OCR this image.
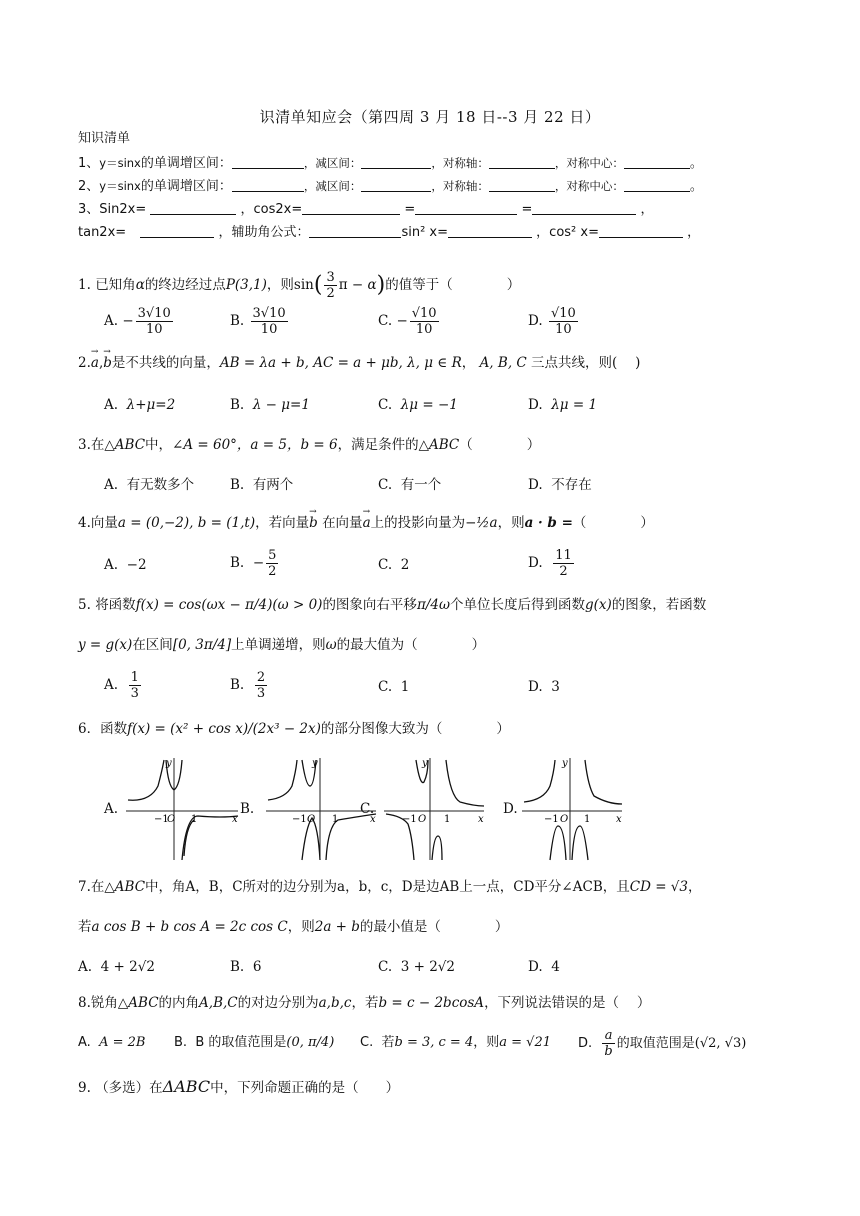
识清单知应会（第四周 3 月 18 日--3 月 22 日）
知识清单
1、y＝sinx的单调增区间：	，减区间：	，对称轴：	，对称中心：	。
2、y＝sinx的单调增区间：	，减区间：	，对称轴：	，对称中心：	。
3、Sin2x=	，cos2x=	=	=	，
tan2x=	，辅助角公式：	sin² x=	，cos² x=	，
1. 已知角α的终边经过点P(3,1)，则$\sin( \frac{3}{2}$ π − α)的值等于（　　　　）
A. − $\frac{3√10}{10}$	B. $\frac{3√10}{10}$	C. − $\frac{√10}{10}$	D. $\frac{√10}{10}$
2.→ a,→ b是不共线的向量，AB = λa + b, AC = a + μb, λ, μ ∈ R， A, B, C 三点共线，则(　 )
A. λ+μ=2	B. λ − μ=1	C. λμ = −1	D. λμ = 1
3.在△ABC中，∠A = 60°，a = 5，b = 6，满足条件的△ABC（　　　　）
A. 有无数多个	B. 有两个	C. 有一个	D. 不存在
4.向量a = (0,−2), b = (1,t)，若向量→ b 在向量→ a上的投影向量为−½a，则a · b =（　　　　）
A. −2	B. − $\frac{5}{2}$	C. 2	D. $\frac{11}{2}$
5. 将函数f(x) = cos(ωx − π/4)(ω > 0)的图象向右平移π/4ω个单位长度后得到函数g(x)的图象，若函数
y = g(x)在区间[0, 3π/4]上单调递增，则ω的最大值为（　　　　）
A. $\frac{1}{3}$	B. $\frac{2}{3}$	C. 1	D. 3
6．函数f(x) = (x² + cos x)/(2x³ − 2x)的部分图像大致为（　　　　）
A.	B.	C.	D.
y
x
−1
O 1
y
x
−1 O 1
y
x
−1 O 1
y
x
−1 O 1
7.在△ABC中，角A，B，C所对的边分别为a，b，c，D是边AB上一点，CD平分∠ACB，且CD = √3，
若a cos B + b cos A = 2c cos C，则2a + b的最小值是（　　　　）
A. 4 + 2√2	B. 6	C. 3 + 2√2	D. 4
8.锐角△ABC的内角A,B,C的对边分别为a,b,c，若b = c − 2bcosA，下列说法错误的是（　 ）
A. A = 2B B. B 的取值范围是(0, π/4) C. 若b = 3, c = 4，则a = √21 D. $\frac{a}{b}$ 的取值范围是(√2, √3)
9. （多选）在ΔABC中，下列命题正确的是（　　）
